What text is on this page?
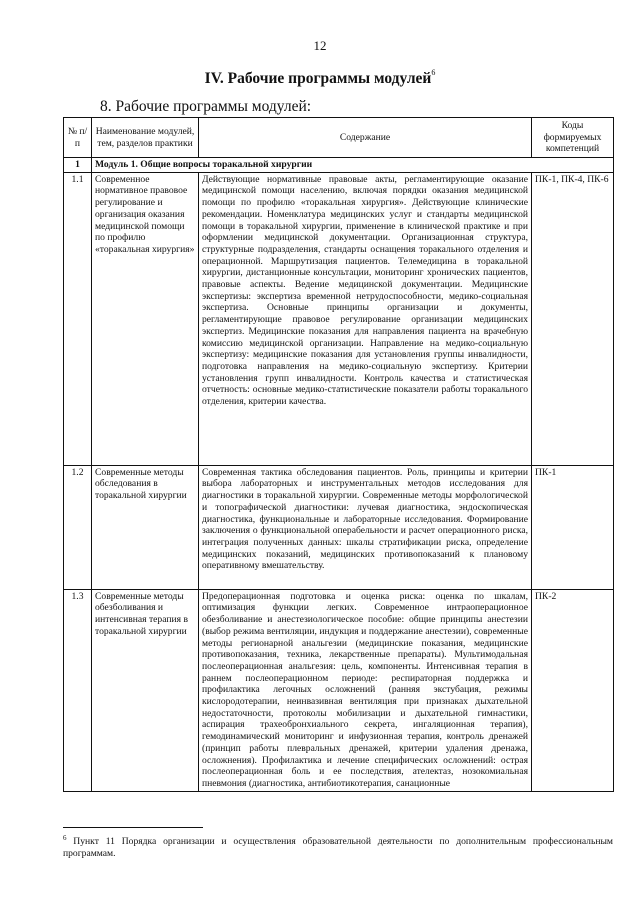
12
IV. Рабочие программы модулей$^6$
8. Рабочие программы модулей:
№ п/п	Наименование модулей, тем, разделов практики	Содержание	Коды формируемых компетенций
1	Модуль 1. Общие вопросы торакальной хирургии		
1.1	Современное нормативное правовое регулирование и организация оказания медицинской помощи по профилю «торакальная хирургия»	Действующие нормативные правовые акты, регламентирующие оказание медицинской помощи населению, включая порядки оказания медицинской помощи по профилю «торакальная хирургия». Действующие клинические рекомендации. Номенклатура медицинских услуг и стандарты медицинской помощи в торакальной хирургии, применение в клинической практике и при оформлении медицинской документации. Организационная структура, структурные подразделения, стандарты оснащения торакального отделения и операционной. Маршрутизация пациентов. Телемедицина в торакальной хирургии, дистанционные консультации, мониторинг хронических пациентов, правовые аспекты. Ведение медицинской документации. Медицинские экспертизы: экспертиза временной нетрудоспособности, медико-социальная экспертиза. Основные принципы организации и документы, регламентирующие правовое регулирование организации медицинских экспертиз. Медицинские показания для направления пациента на врачебную комиссию медицинской организации. Направление на медико-социальную экспертизу: медицинские показания для установления группы инвалидности, подготовка направления на медико-социальную экспертизу. Критерии установления групп инвалидности. Контроль качества и статистическая отчетность: основные медико-статистические показатели работы торакального отделения, критерии качества.	ПК-1, ПК-4, ПК-6
1.2	Современные методы обследования в торакальной хирургии	Современная тактика обследования пациентов. Роль, принципы и критерии выбора лабораторных и инструментальных методов исследования для диагностики в торакальной хирургии. Современные методы морфологической и топографической диагностики: лучевая диагностика, эндоскопическая диагностика, функциональные и лабораторные исследования. Формирование заключения о функциональной операбельности и расчет операционного риска, интеграция полученных данных: шкалы стратификации риска, определение медицинских показаний, медицинских противопоказаний к плановому оперативному вмешательству.	ПК-1
1.3	Современные методы обезболивания и интенсивная терапия в торакальной хирургии	Предоперационная подготовка и оценка риска: оценка по шкалам, оптимизация функции легких. Современное интраоперационное обезболивание и анестезиологическое пособие: общие принципы анестезии (выбор режима вентиляции, индукция и поддержание анестезии), современные методы регионарной анальгезии (медицинские показания, медицинские противопоказания, техника, лекарственные препараты). Мультимодальная послеоперационная анальгезия: цель, компоненты. Интенсивная терапия в раннем послеоперационном периоде: респираторная поддержка и профилактика легочных осложнений (ранняя экстубация, режимы кислородотерапии, неинвазивная вентиляция при признаках дыхательной недостаточности, протоколы мобилизации и дыхательной гимнастики, аспирация трахеобронхиального секрета, ингаляционная терапия), гемодинамический мониторинг и инфузионная терапия, контроль дренажей (принцип работы плевральных дренажей, критерии удаления дренажа, осложнения). Профилактика и лечение специфических осложнений: острая послеоперационная боль и ее последствия, ателектаз, нозокомиальная пневмония (диагностика, антибиотикотерапия, санационные	ПК-2
$^6$ Пункт 11 Порядка организации и осуществления образовательной деятельности по дополнительным профессиональным программам.
